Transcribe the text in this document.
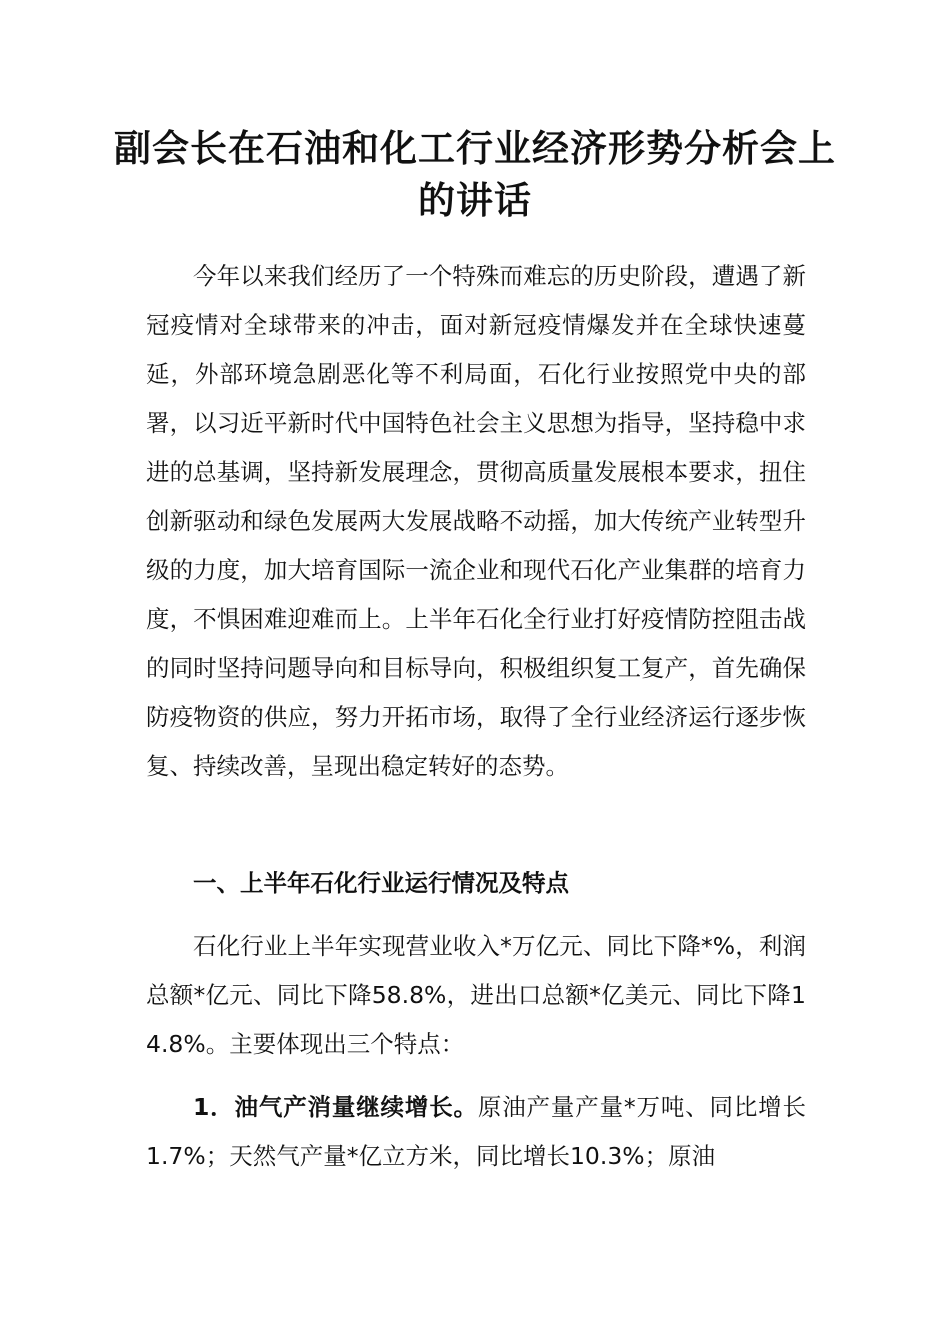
副会长在石油和化工行业经济形势分析会上的讲话

今年以来我们经历了一个特殊而难忘的历史阶段，遭遇了新冠疫情对全球带来的冲击，面对新冠疫情爆发并在全球快速蔓延，外部环境急剧恶化等不利局面，石化行业按照党中央的部署，以习近平新时代中国特色社会主义思想为指导，坚持稳中求进的总基调，坚持新发展理念，贯彻高质量发展根本要求，扭住创新驱动和绿色发展两大发展战略不动摇，加大传统产业转型升级的力度，加大培育国际一流企业和现代石化产业集群的培育力度，不惧困难迎难而上。上半年石化全行业打好疫情防控阻击战的同时坚持问题导向和目标导向，积极组织复工复产，首先确保防疫物资的供应，努力开拓市场，取得了全行业经济运行逐步恢复、持续改善，呈现出稳定转好的态势。

一、上半年石化行业运行情况及特点

石化行业上半年实现营业收入*万亿元、同比下降*%，利润总额*亿元、同比下降58.8%，进出口总额*亿美元、同比下降14.8%。主要体现出三个特点：

1．油气产消量继续增长。原油产量产量*万吨、同比增长1.7%；天然气产量*亿立方米，同比增长10.3%；原油
